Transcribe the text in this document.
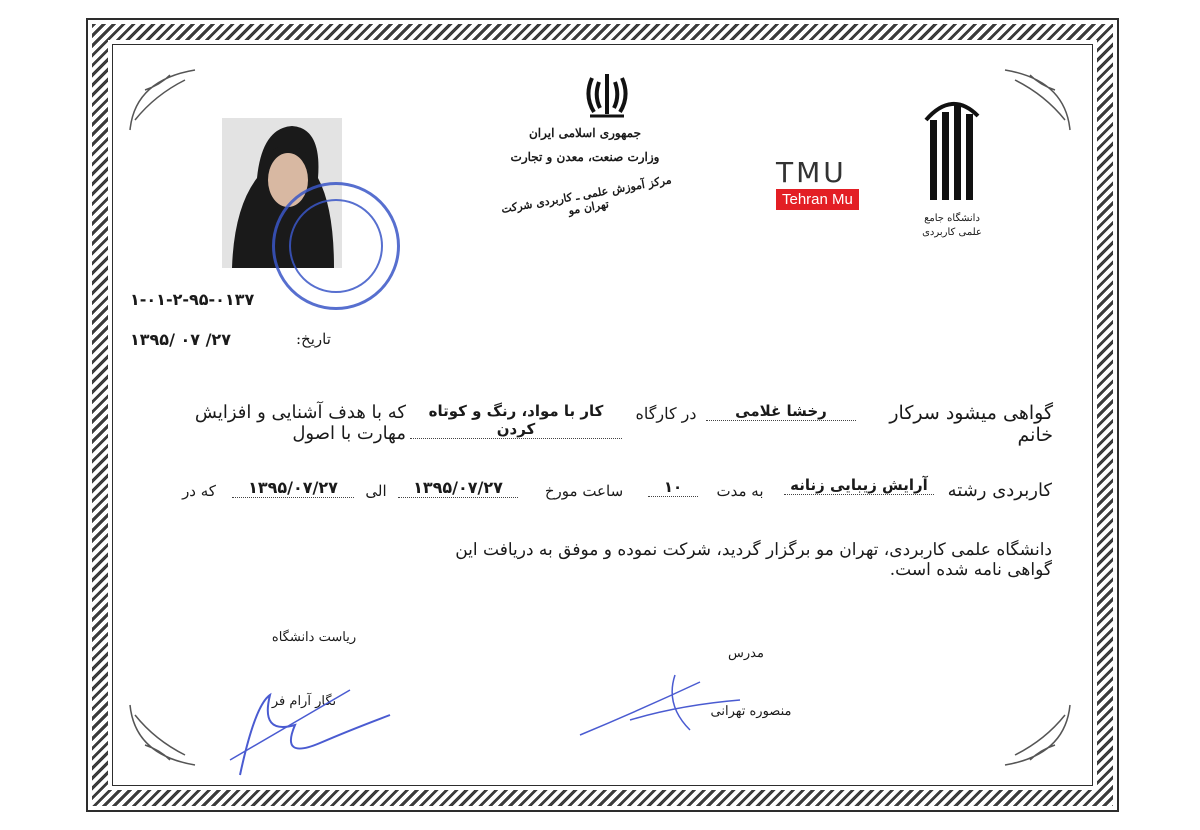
جمهوری اسلامی ایران
وزارت صنعت، معدن و تجارت
مرکز آموزش علمی ـ کاربردی شرکت تهران مو
TMU
Tehran Mu
دانشگاه جامع علمی کاربردی
۱-۰۱-۲-۹۵-۰۱۳۷
۱۳۹۵/ ۰۷ /۲۷	تاریخ:
گواهی میشود سرکار خانم
رخشا غلامی
در کارگاه
کار با مواد، رنگ و کوتاه کردن
که با هدف آشنایی و افزایش مهارت با اصول
کاربردی رشته
آرایش زیبایی زنانه
به مدت
۱۰
ساعت مورخ
۱۳۹۵/۰۷/۲۷
الی
۱۳۹۵/۰۷/۲۷
که در
دانشگاه علمی کاربردی، تهران مو برگزار گردید، شرکت نموده و موفق به دریافت این گواهی نامه شده است.
ریاست دانشگاه
نگار آرام فر
مدرس
منصوره تهرانی
